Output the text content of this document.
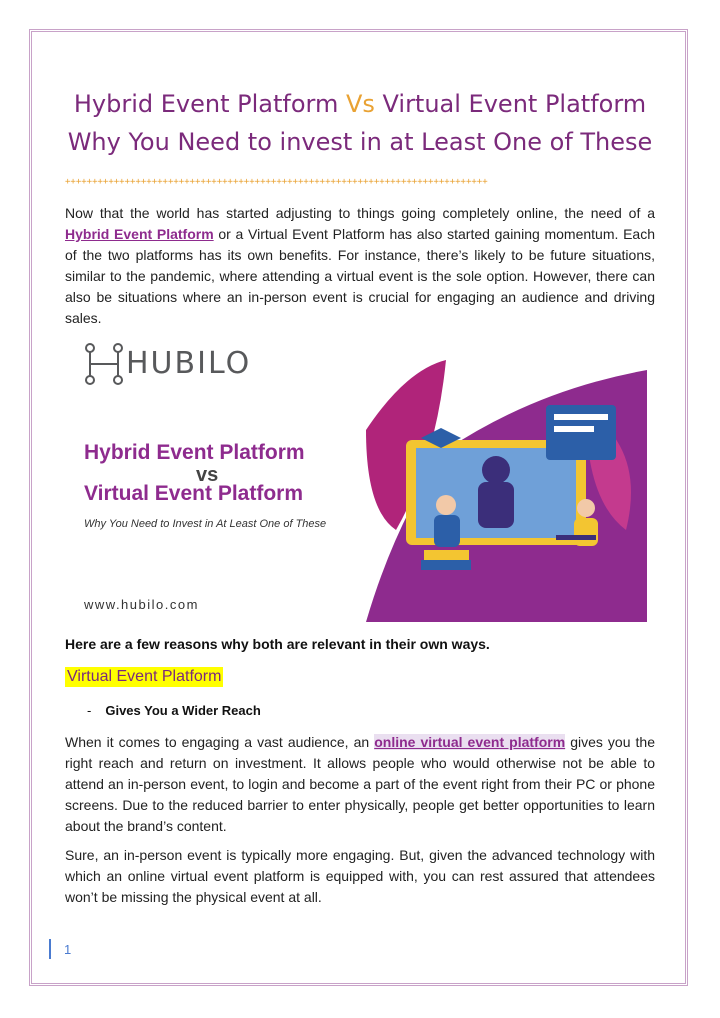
Hybrid Event Platform Vs Virtual Event Platform
Why You Need to invest in at Least One of These
++++++++++++++++++++++++++++++++++++++++++++++++++++++++++++++++++++++++++++++

Now that the world has started adjusting to things going completely online, the need of a Hybrid Event Platform or a Virtual Event Platform has also started gaining momentum. Each of the two platforms has its own benefits. For instance, there’s likely to be future situations, similar to the pandemic, where attending a virtual event is the sole option. However, there can also be situations where an in-person event is crucial for engaging an audience and driving sales.

HUBILO
Hybrid Event Platform
vs
Virtual Event Platform
Why You Need to Invest in At Least One of These
www.hubilo.com
Here are a few reasons why both are relevant in their own ways.
Virtual Event Platform
- Gives You a Wider Reach

When it comes to engaging a vast audience, an online virtual event platform gives you the right reach and return on investment. It allows people who would otherwise not be able to attend an in-person event, to login and become a part of the event right from their PC or phone screens. Due to the reduced barrier to enter physically, people get better opportunities to learn about the brand’s content.

Sure, an in-person event is typically more engaging. But, given the advanced technology with which an online virtual event platform is equipped with, you can rest assured that attendees won’t be missing the physical event at all.

1
